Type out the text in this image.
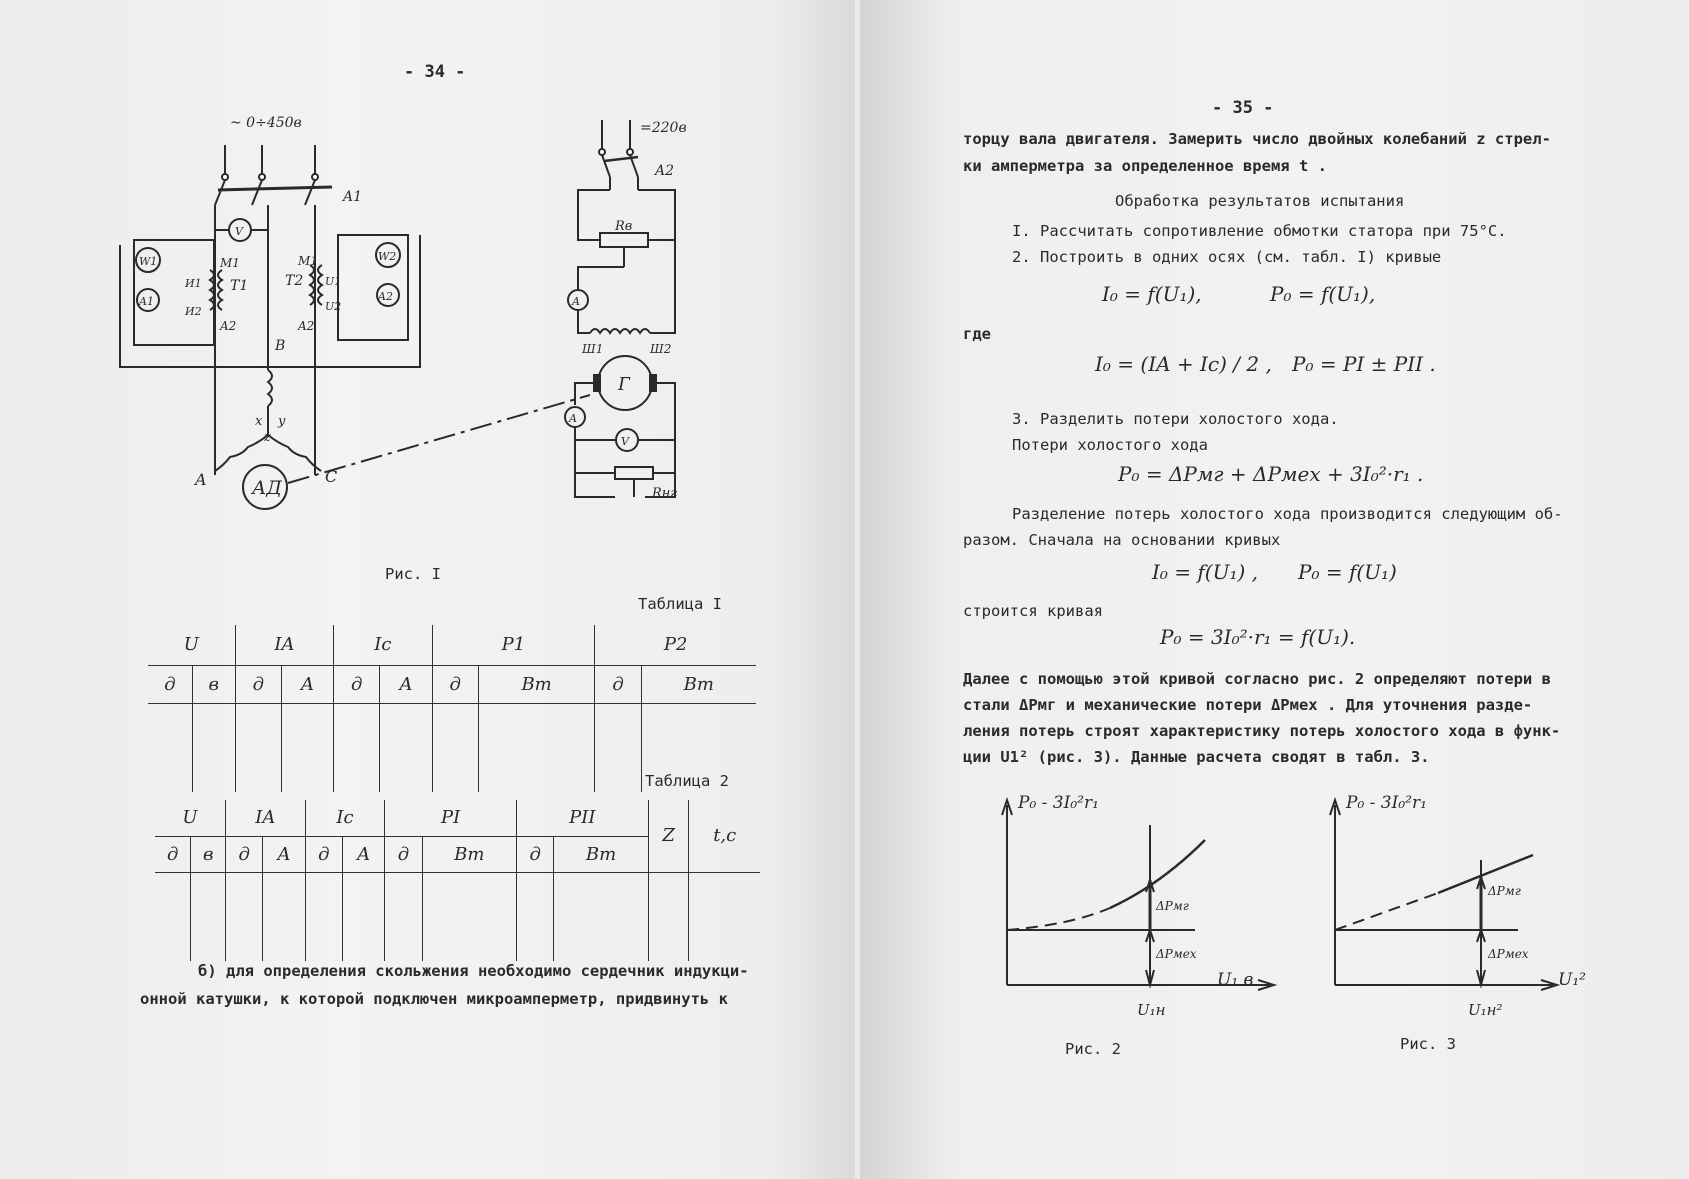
- 34 -
~ 0÷450в	=220в
A1
A2
V
W1
A1
W2
A2
T1	T2
M1	M1
И1
И2
U1
U2
A2	A2
B
x y
z
A	C
АД
Rв
A
Ш1	Ш2
Г
A
V
Rнг
Рис. I
Таблица I
U		IA		Ic		P1		P2	
д	в	д	A	д	A	д	Вт	д	Вт

Таблица 2
U		IA		Ic		PI		PII		Z	t,c
д	в	д	A	д	A	д	Вт	д	Вт		

б) для определения скольжения необходимо сердечник индукци-
онной катушки, к которой подключен микроамперметр, придвинуть к
- 35 -
торцу вала двигателя. Замерить число двойных колебаний z стрел-
ки амперметра за определенное время t .
Обработка результатов испытания
I. Рассчитать сопротивление обмотки статора при 75°С.
2. Построить в одних осях (см. табл. I) кривые
I₀ = f(U₁),	P₀ = f(U₁),
где
I₀ = (IA + Ic) / 2 , P₀ = PI ± PII .
3. Разделить потери холостого хода.
Потери холостого хода
P₀ = ΔPмг + ΔPмех + 3I₀²·r₁ .
Разделение потерь холостого хода производится следующим об-
разом. Сначала на основании кривых
I₀ = f(U₁) , P₀ = f(U₁)
строится кривая
P₀ = 3I₀²·r₁ = f(U₁).
Далее с помощью этой кривой согласно рис. 2 определяют потери в
стали ΔPмг и механические потери ΔPмех . Для уточнения разде-
ления потерь строят характеристику потерь холостого хода в функ-
ции U1² (рис. 3). Данные расчета сводят в табл. 3.
P₀ - 3I₀²r₁
U₁ в
U₁н
ΔPмг
ΔPмех
Рис. 2
P₀ - 3I₀²r₁
U₁²
U₁н²
ΔPмг
ΔPмех
Рис. 3
